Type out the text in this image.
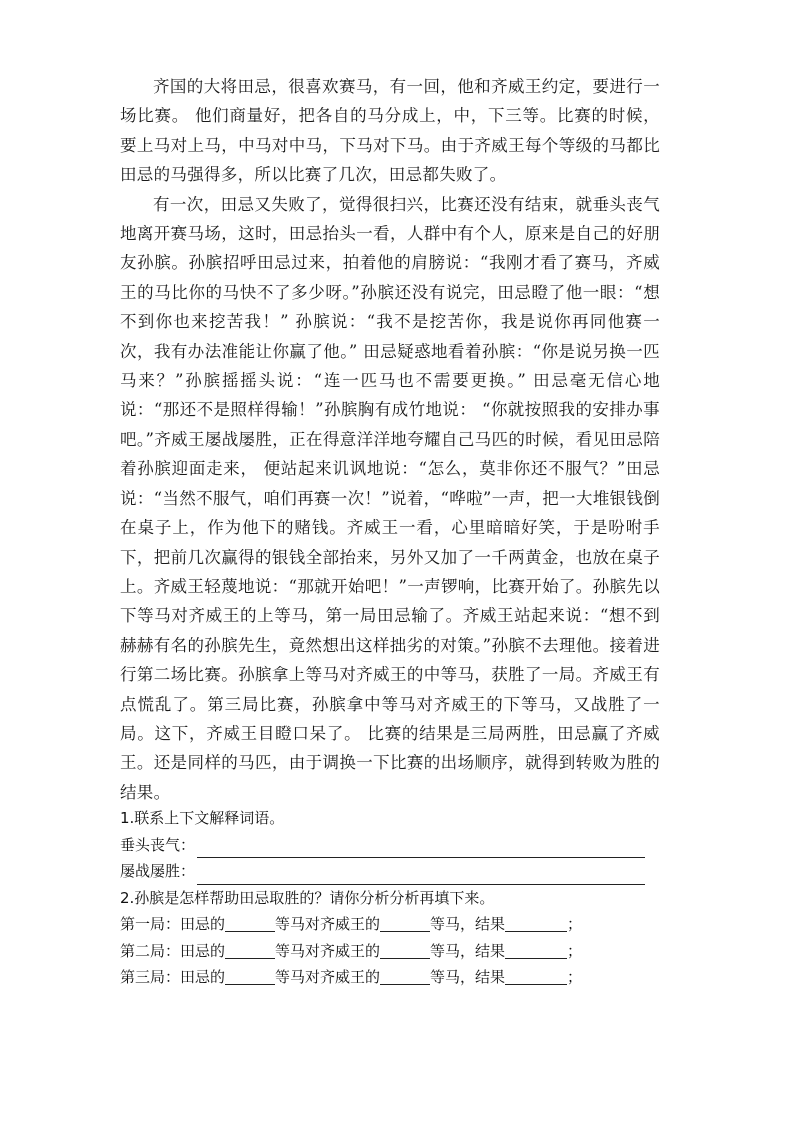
齐国的大将田忌，很喜欢赛马，有一回，他和齐威王约定，要进行一场比赛。 他们商量好，把各自的马分成上，中，下三等。比赛的时候，要上马对上马，中马对中马，下马对下马。由于齐威王每个等级的马都比田忌的马强得多，所以比赛了几次，田忌都失败了。

有一次，田忌又失败了，觉得很扫兴，比赛还没有结束，就垂头丧气地离开赛马场，这时，田忌抬头一看，人群中有个人，原来是自己的好朋友孙膑。孙膑招呼田忌过来，拍着他的肩膀说：“我刚才看了赛马，齐威王的马比你的马快不了多少呀。”孙膑还没有说完，田忌瞪了他一眼：“想不到你也来挖苦我！” 孙膑说：“我不是挖苦你，我是说你再同他赛一次，我有办法准能让你赢了他。” 田忌疑惑地看着孙膑：“你是说另换一匹马来？”孙膑摇摇头说：“连一匹马也不需要更换。” 田忌毫无信心地说：“那还不是照样得输！”孙膑胸有成竹地说： “你就按照我的安排办事吧。”齐威王屡战屡胜，正在得意洋洋地夸耀自己马匹的时候，看见田忌陪着孙膑迎面走来， 便站起来讥讽地说：“怎么，莫非你还不服气？”田忌说：“当然不服气，咱们再赛一次！”说着，“哗啦”一声，把一大堆银钱倒在桌子上，作为他下的赌钱。齐威王一看，心里暗暗好笑，于是吩咐手下，把前几次赢得的银钱全部抬来，另外又加了一千两黄金，也放在桌子上。齐威王轻蔑地说：“那就开始吧！”一声锣响，比赛开始了。孙膑先以下等马对齐威王的上等马，第一局田忌输了。齐威王站起来说：“想不到赫赫有名的孙膑先生，竟然想出这样拙劣的对策。”孙膑不去理他。接着进行第二场比赛。孙膑拿上等马对齐威王的中等马，获胜了一局。齐威王有点慌乱了。第三局比赛，孙膑拿中等马对齐威王的下等马，又战胜了一局。这下，齐威王目瞪口呆了。 比赛的结果是三局两胜，田忌赢了齐威王。还是同样的马匹，由于调换一下比赛的出场顺序，就得到转败为胜的结果。

1.联系上下文解释词语。
垂头丧气：
屡战屡胜：
2.孙膑是怎样帮助田忌取胜的？请你分析分析再填下来。
第一局：田忌的	等马对齐威王的	等马，结果	；
第二局：田忌的	等马对齐威王的	等马，结果	；
第三局：田忌的	等马对齐威王的	等马，结果	；
